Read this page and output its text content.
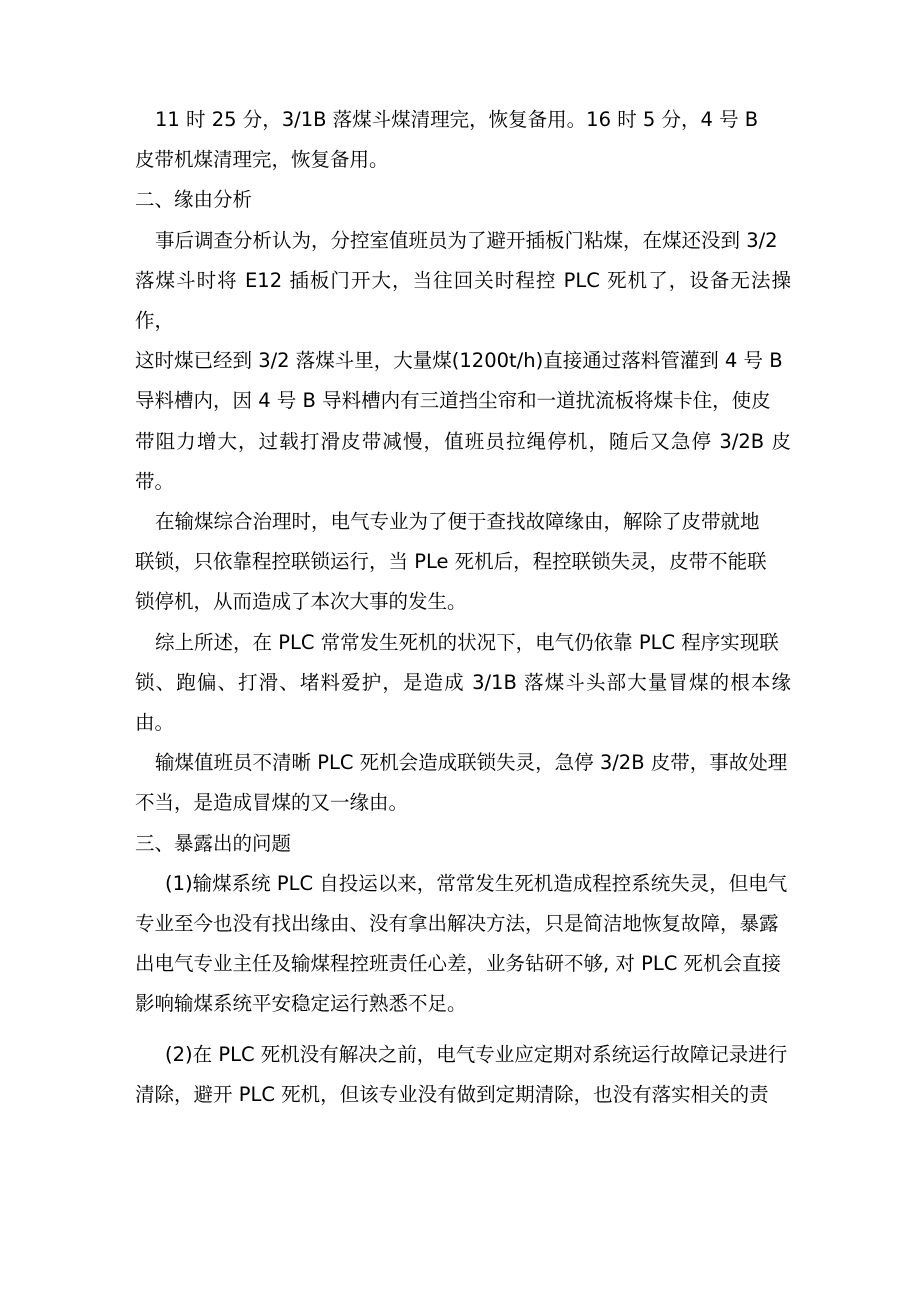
11 时 25 分，3/1B 落煤斗煤清理完，恢复备用。16 时 5 分，4 号 B
皮带机煤清理完，恢复备用。

二、缘由分析

事后调查分析认为，分控室值班员为了避开插板门粘煤，在煤还没到 3/2
落煤斗时将 E12 插板门开大，当往回关时程控 PLC 死机了，设备无法操作，
这时煤已经到 3/2 落煤斗里，大量煤(1200t/h)直接通过落料管灌到 4 号 B
导料槽内，因 4 号 B 导料槽内有三道挡尘帘和一道扰流板将煤卡住，使皮
带阻力增大，过载打滑皮带减慢，值班员拉绳停机，随后又急停 3/2B 皮带。

在输煤综合治理时，电气专业为了便于查找故障缘由，解除了皮带就地
联锁，只依靠程控联锁运行，当 PLe 死机后，程控联锁失灵，皮带不能联
锁停机，从而造成了本次大事的发生。

综上所述，在 PLC 常常发生死机的状况下，电气仍依靠 PLC 程序实现联
锁、跑偏、打滑、堵料爱护，是造成 3/1B 落煤斗头部大量冒煤的根本缘由。

输煤值班员不清晰 PLC 死机会造成联锁失灵，急停 3/2B 皮带，事故处理
不当，是造成冒煤的又一缘由。

三、暴露出的问题

(1)输煤系统 PLC 自投运以来，常常发生死机造成程控系统失灵，但电气
专业至今也没有找出缘由、没有拿出解决方法，只是简洁地恢复故障，暴露
出电气专业主任及输煤程控班责任心差，业务钻研不够, 对 PLC 死机会直接
影响输煤系统平安稳定运行熟悉不足。

(2)在 PLC 死机没有解决之前，电气专业应定期对系统运行故障记录进行
清除，避开 PLC 死机，但该专业没有做到定期清除，也没有落实相关的责
